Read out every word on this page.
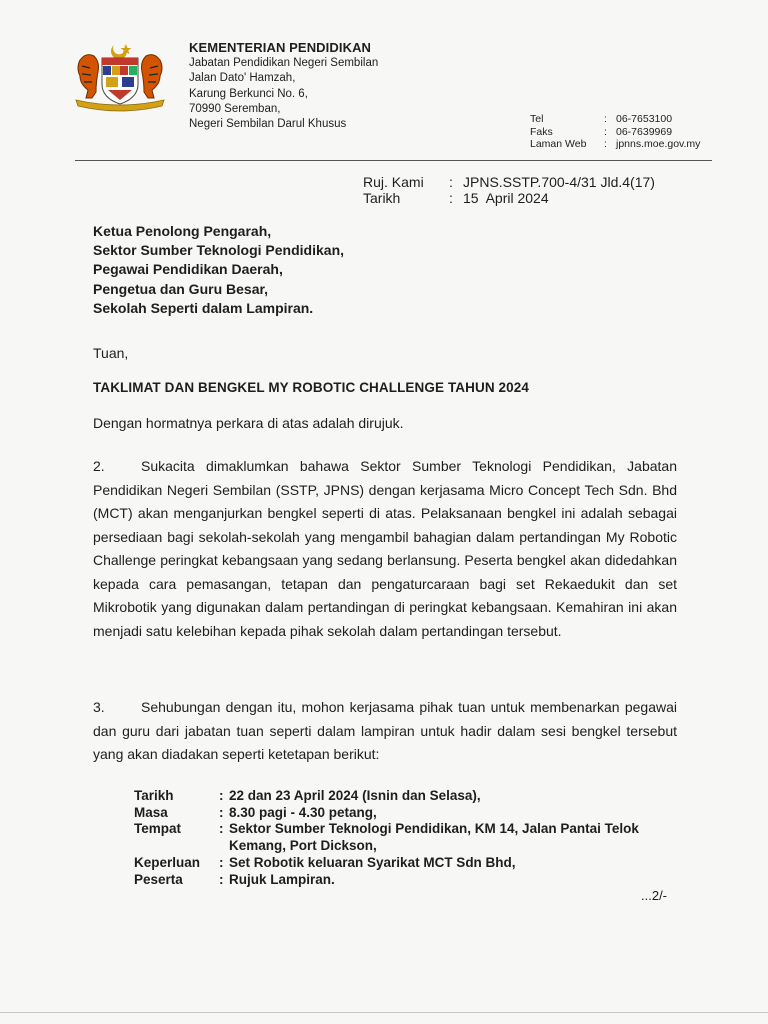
KEMENTERIAN PENDIDIKAN
Jabatan Pendidikan Negeri Sembilan
Jalan Dato' Hamzah,
Karung Berkunci No. 6,
70990 Seremban,
Negeri Sembilan Darul Khusus	Tel	: 06-7653100
Faks	: 06-7639969
Laman Web	: jpnns.moe.gov.my
Ruj. Kami	: JPNS.SSTP.700-4/31 Jld.4(17)
Tarikh	: 15  April 2024
Ketua Penolong Pengarah,
Sektor Sumber Teknologi Pendidikan,
Pegawai Pendidikan Daerah,
Pengetua dan Guru Besar,
Sekolah Seperti dalam Lampiran.
Tuan,
TAKLIMAT DAN BENGKEL MY ROBOTIC CHALLENGE TAHUN 2024
Dengan hormatnya perkara di atas adalah dirujuk.
2.	Sukacita dimaklumkan bahawa Sektor Sumber Teknologi Pendidikan, Jabatan Pendidikan Negeri Sembilan (SSTP, JPNS) dengan kerjasama Micro Concept Tech Sdn. Bhd (MCT) akan menganjurkan bengkel seperti di atas. Pelaksanaan bengkel ini adalah sebagai persediaan bagi sekolah-sekolah yang mengambil bahagian dalam pertandingan My Robotic Challenge peringkat kebangsaan yang sedang berlansung. Peserta bengkel akan didedahkan kepada cara pemasangan, tetapan dan pengaturcaraan bagi set Rekaedukit dan set Mikrobotik yang digunakan dalam pertandingan di peringkat kebangsaan. Kemahiran ini akan menjadi satu kelebihan kepada pihak sekolah dalam pertandingan tersebut.
3.	Sehubungan dengan itu, mohon kerjasama pihak tuan untuk membenarkan pegawai dan guru dari jabatan tuan seperti dalam lampiran untuk hadir dalam sesi bengkel tersebut yang akan diadakan seperti ketetapan berikut:
Tarikh	: 22 dan 23 April 2024 (Isnin dan Selasa),
Masa	: 8.30 pagi - 4.30 petang,
Tempat	: Sektor Sumber Teknologi Pendidikan, KM 14, Jalan Pantai Telok Kemang, Port Dickson,
Keperluan	: Set Robotik keluaran Syarikat MCT Sdn Bhd,
Peserta	: Rujuk Lampiran.
...2/-
